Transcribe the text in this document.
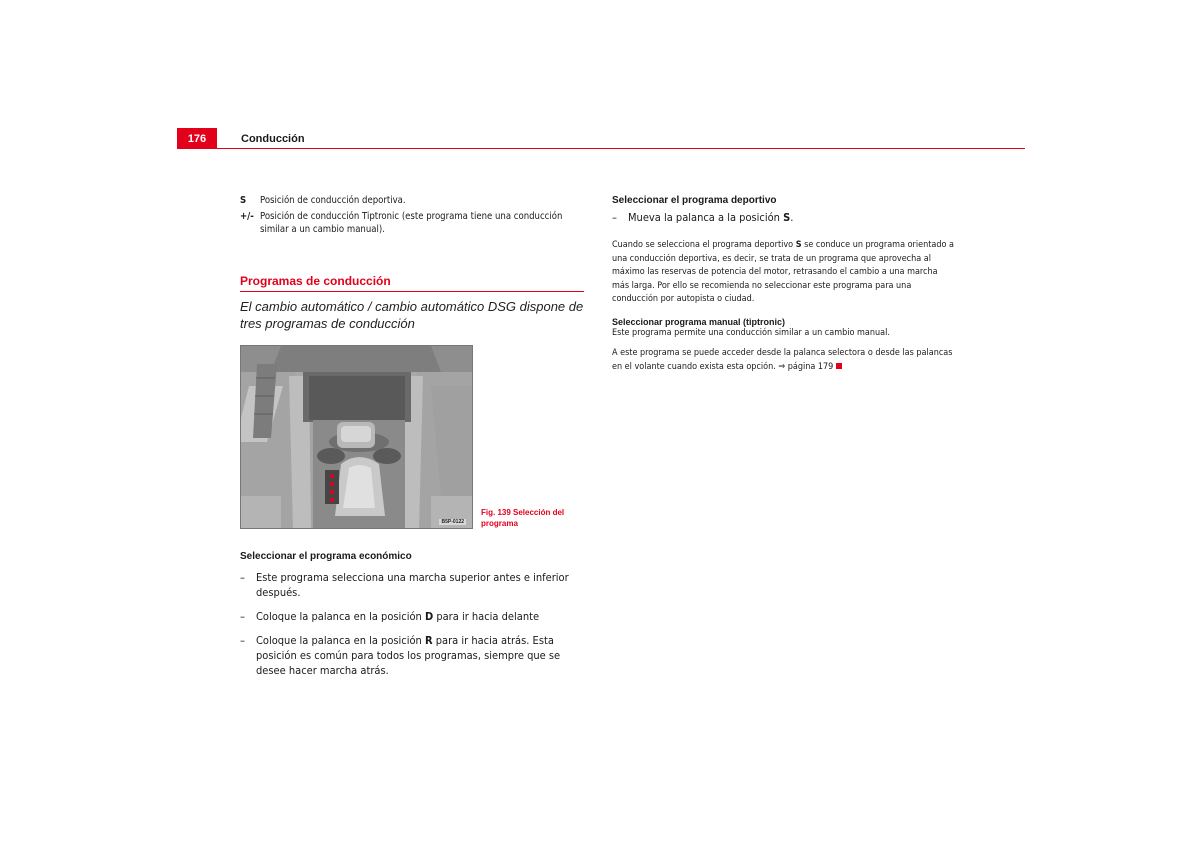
176	Conducción
S	Posición de conducción deportiva.
+/- Posición de conducción Tiptronic (este programa tiene una conducción similar a un cambio manual).
Programas de conducción
El cambio automático / cambio automático DSG dispone de tres programas de conducción
B5P-0122
Fig. 139 Selección del programa
Seleccionar el programa económico
–	Este programa selecciona una marcha superior antes e inferior después.
–	Coloque la palanca en la posición D para ir hacia delante
–	Coloque la palanca en la posición R para ir hacia atrás. Esta posición es común para todos los programas, siempre que se desee hacer marcha atrás.
Seleccionar el programa deportivo
–	Mueva la palanca a la posición S.

Cuando se selecciona el programa deportivo S se conduce un programa orientado a una conducción deportiva, es decir, se trata de un programa que aprovecha al máximo las reservas de potencia del motor, retrasando el cambio a una marcha más larga. Por ello se recomienda no seleccionar este programa para una conducción por autopista o ciudad.

Seleccionar programa manual (tiptronic)

Este programa permite una conducción similar a un cambio manual.

A este programa se puede acceder desde la palanca selectora o desde las palancas en el volante cuando exista esta opción. ⇒ página 179
